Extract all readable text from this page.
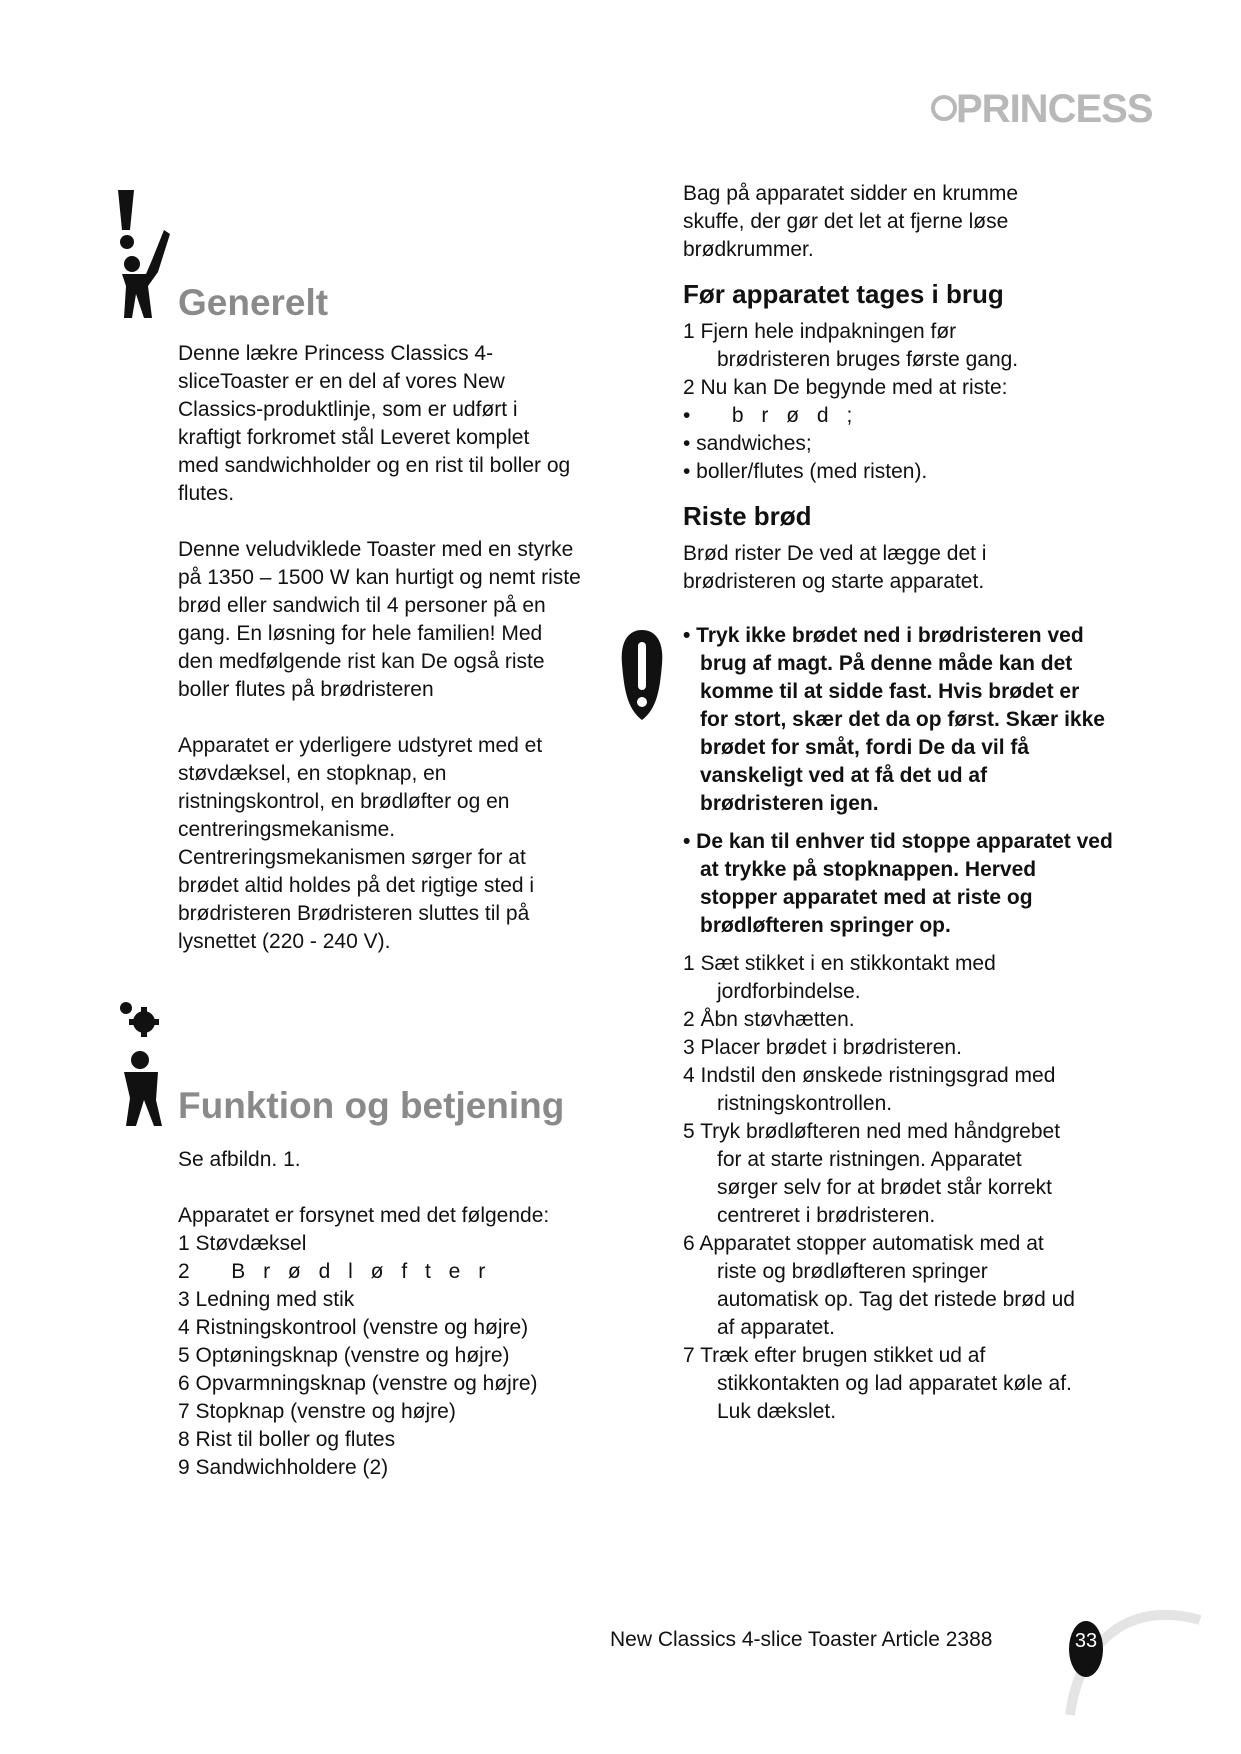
PRINCESS
Generelt

Denne lækre Princess Classics 4-

sliceToaster er en del af vores New

Classics-produktlinje, som er udført i

kraftigt forkromet stål Leveret komplet

med sandwichholder og en rist til boller og

flutes.

Denne veludviklede Toaster med en styrke

på 1350 – 1500 W kan hurtigt og nemt riste

brød eller sandwich til 4 personer på en

gang. En løsning for hele familien! Med

den medfølgende rist kan De også riste

boller flutes på brødristeren

Apparatet er yderligere udstyret med et

støvdæksel, en stopknap, en

ristningskontrol, en brødløfter og en

centreringsmekanisme.

Centreringsmekanismen sørger for at

brødet altid holdes på det rigtige sted i

brødristeren Brødristeren sluttes til på

lysnettet (220 - 240 V).

Funktion og betjening

Se afbildn. 1.

Apparatet er forsynet med det følgende:

1 Støvdæksel

2 Brødløfter

3 Ledning med stik

4 Ristningskontrool (venstre og højre)

5 Optøningsknap (venstre og højre)

6 Opvarmningsknap (venstre og højre)

7 Stopknap (venstre og højre)

8 Rist til boller og flutes

9 Sandwichholdere (2)

Bag på apparatet sidder en krumme

skuffe, der gør det let at fjerne løse

brødkrummer.

Før apparatet tages i brug

1 Fjern hele indpakningen før

brødristeren bruges første gang.

2 Nu kan De begynde med at riste:

• brød;

• sandwiches;

• boller/flutes (med risten).

Riste brød

Brød rister De ved at lægge det i

brødristeren og starte apparatet.

• Tryk ikke brødet ned i brødristeren ved brug af magt. På denne måde kan det komme til at sidde fast. Hvis brødet er for stort, skær det da op først. Skær ikke brødet for småt, fordi De da vil få vanskeligt ved at få det ud af brødristeren igen.

• De kan til enhver tid stoppe apparatet ved at trykke på stopknappen. Herved stopper apparatet med at riste og brødløfteren springer op.

1 Sæt stikket i en stikkontakt med

jordforbindelse.

2 Åbn støvhætten.

3 Placer brødet i brødristeren.

4 Indstil den ønskede ristningsgrad med

ristningskontrollen.

5 Tryk brødløfteren ned med håndgrebet

for at starte ristningen. Apparatet

sørger selv for at brødet står korrekt

centreret i brødristeren.

6 Apparatet stopper automatisk med at

riste og brødløfteren springer

automatisk op. Tag det ristede brød ud

af apparatet.

7 Træk efter brugen stikket ud af

stikkontakten og lad apparatet køle af.

Luk dækslet.

New Classics 4-slice Toaster Article 2388	33
